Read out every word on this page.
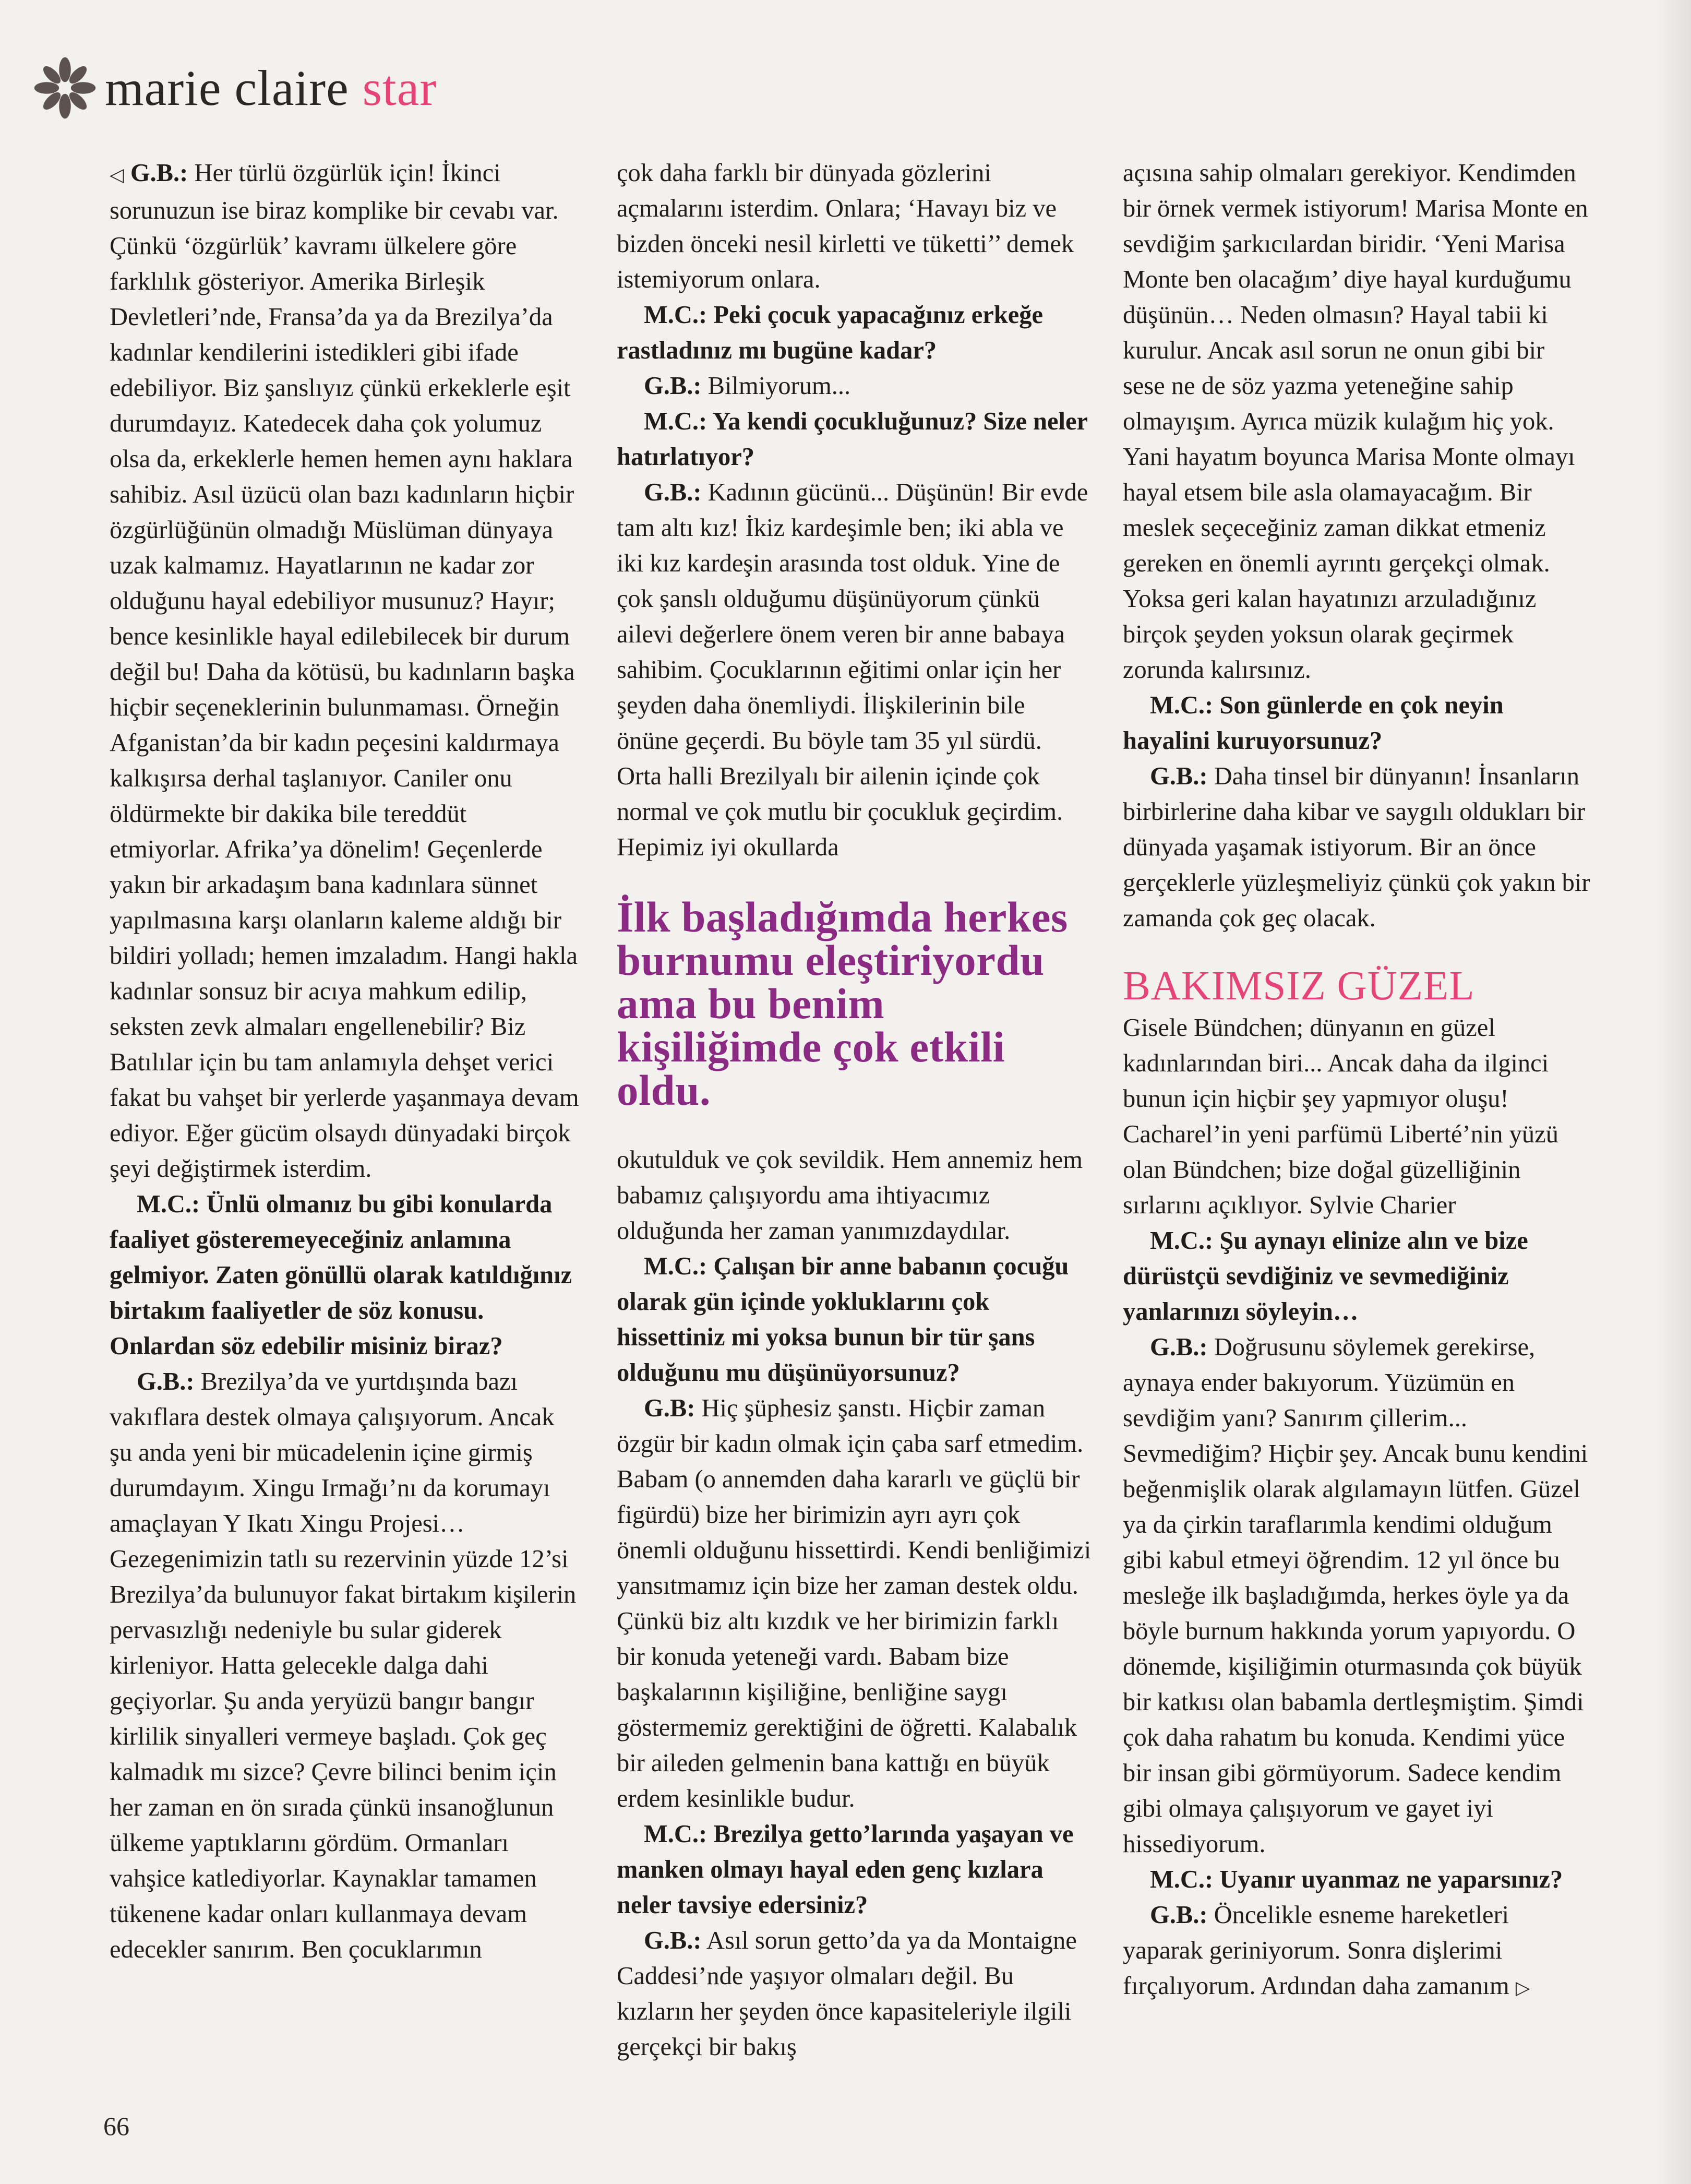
marie claire star

◁ G.B.: Her türlü özgürlük için! İkinci sorunuzun ise biraz komplike bir cevabı var. Çünkü ‘özgürlük’ kavramı ülkelere göre farklılık gösteriyor. Amerika Birleşik Devletleri’nde, Fransa’da ya da Brezilya’da kadınlar kendilerini istedikleri gibi ifade edebiliyor. Biz şanslıyız çünkü erkeklerle eşit durumdayız. Katedecek daha çok yolumuz olsa da, erkeklerle hemen hemen aynı haklara sahibiz. Asıl üzücü olan bazı kadınların hiçbir özgürlüğünün olmadığı Müslüman dünyaya uzak kalmamız. Hayatlarının ne kadar zor olduğunu hayal edebiliyor musunuz? Hayır; bence kesinlikle hayal edilebilecek bir durum değil bu! Daha da kötüsü, bu kadınların başka hiçbir seçeneklerinin bulunmaması. Örneğin Afganistan’da bir kadın peçesini kaldırmaya kalkışırsa derhal taşlanıyor. Caniler onu öldürmekte bir dakika bile tereddüt etmiyorlar. Afrika’ya dönelim! Geçenlerde yakın bir arkadaşım bana kadınlara sünnet yapılmasına karşı olanların kaleme aldığı bir bildiri yolladı; hemen imzaladım. Hangi hakla kadınlar sonsuz bir acıya mahkum edilip, seksten zevk almaları engellenebilir? Biz Batılılar için bu tam anlamıyla dehşet verici fakat bu vahşet bir yerlerde yaşanmaya devam ediyor. Eğer gücüm olsaydı dünyadaki birçok şeyi değiştirmek isterdim.

M.C.: Ünlü olmanız bu gibi konularda faaliyet gösteremeyeceğiniz anlamına gelmiyor. Zaten gönüllü olarak katıldığınız birtakım faaliyetler de söz konusu. Onlardan söz edebilir misiniz biraz?

G.B.: Brezilya’da ve yurtdışında bazı vakıflara destek olmaya çalışıyorum. Ancak şu anda yeni bir mücadelenin içine girmiş durumdayım. Xingu Irmağı’nı da korumayı amaçlayan Y Ikatı Xingu Projesi… Gezegenimizin tatlı su rezervinin yüzde 12’si Brezilya’da bulunuyor fakat birtakım kişilerin pervasızlığı nedeniyle bu sular giderek kirleniyor. Hatta gelecekle dalga dahi geçiyorlar. Şu anda yeryüzü bangır bangır kirlilik sinyalleri vermeye başladı. Çok geç kalmadık mı sizce? Çevre bilinci benim için her zaman en ön sırada çünkü insanoğlunun ülkeme yaptıklarını gördüm. Ormanları vahşice katlediyorlar. Kaynaklar tamamen tükenene kadar onları kullanmaya devam edecekler sanırım. Ben çocuklarımın

çok daha farklı bir dünyada gözlerini açmalarını isterdim. Onlara; ‘Havayı biz ve bizden önceki nesil kirletti ve tüketti’’ demek istemiyorum onlara.

M.C.: Peki çocuk yapacağınız erkeğe rastladınız mı bugüne kadar?

G.B.: Bilmiyorum...

M.C.: Ya kendi çocukluğunuz? Size neler hatırlatıyor?

G.B.: Kadının gücünü... Düşünün! Bir evde tam altı kız! İkiz kardeşimle ben; iki abla ve iki kız kardeşin arasında tost olduk. Yine de çok şanslı olduğumu düşünüyorum çünkü ailevi değerlere önem veren bir anne babaya sahibim. Çocuklarının eğitimi onlar için her şeyden daha önemliydi. İlişkilerinin bile önüne geçerdi. Bu böyle tam 35 yıl sürdü. Orta halli Brezilyalı bir ailenin içinde çok normal ve çok mutlu bir çocukluk geçirdim. Hepimiz iyi okullarda

İlk başladığımda herkes burnumu eleştiriyordu ama bu benim kişiliğimde çok etkili oldu.

okutulduk ve çok sevildik. Hem annemiz hem babamız çalışıyordu ama ihtiyacımız olduğunda her zaman yanımızdaydılar.

M.C.: Çalışan bir anne babanın çocuğu olarak gün içinde yokluklarını çok hissettiniz mi yoksa bunun bir tür şans olduğunu mu düşünüyorsunuz?

G.B: Hiç şüphesiz şanstı. Hiçbir zaman özgür bir kadın olmak için çaba sarf etmedim. Babam (o annemden daha kararlı ve güçlü bir figürdü) bize her birimizin ayrı ayrı çok önemli olduğunu hissettirdi. Kendi benliğimizi yansıtmamız için bize her zaman destek oldu. Çünkü biz altı kızdık ve her birimizin farklı bir konuda yeteneği vardı. Babam bize başkalarının kişiliğine, benliğine saygı göstermemiz gerektiğini de öğretti. Kalabalık bir aileden gelmenin bana kattığı en büyük erdem kesinlikle budur.

M.C.: Brezilya getto’larında yaşayan ve manken olmayı hayal eden genç kızlara neler tavsiye edersiniz?

G.B.: Asıl sorun getto’da ya da Montaigne Caddesi’nde yaşıyor olmaları değil. Bu kızların her şeyden önce kapasiteleriyle ilgili gerçekçi bir bakış

açısına sahip olmaları gerekiyor. Kendimden bir örnek vermek istiyorum! Marisa Monte en sevdiğim şarkıcılardan biridir. ‘Yeni Marisa Monte ben olacağım’ diye hayal kurduğumu düşünün… Neden olmasın? Hayal tabii ki kurulur. Ancak asıl sorun ne onun gibi bir sese ne de söz yazma yeteneğine sahip olmayışım. Ayrıca müzik kulağım hiç yok. Yani hayatım boyunca Marisa Monte olmayı hayal etsem bile asla olamayacağım. Bir meslek seçeceğiniz zaman dikkat etmeniz gereken en önemli ayrıntı gerçekçi olmak. Yoksa geri kalan hayatınızı arzuladığınız birçok şeyden yoksun olarak geçirmek zorunda kalırsınız.

M.C.: Son günlerde en çok neyin hayalini kuruyorsunuz?

G.B.: Daha tinsel bir dünyanın! İnsanların birbirlerine daha kibar ve saygılı oldukları bir dünyada yaşamak istiyorum. Bir an önce gerçeklerle yüzleşmeliyiz çünkü çok yakın bir zamanda çok geç olacak.

BAKIMSIZ GÜZEL

Gisele Bündchen; dünyanın en güzel kadınlarından biri... Ancak daha da ilginci bunun için hiçbir şey yapmıyor oluşu! Cacharel’in yeni parfümü Liberté’nin yüzü olan Bündchen; bize doğal güzelliğinin sırlarını açıklıyor. Sylvie Charier

M.C.: Şu aynayı elinize alın ve bize dürüstçü sevdiğiniz ve sevmediğiniz yanlarınızı söyleyin…

G.B.: Doğrusunu söylemek gerekirse, aynaya ender bakıyorum. Yüzümün en sevdiğim yanı? Sanırım çillerim... Sevmediğim? Hiçbir şey. Ancak bunu kendini beğenmişlik olarak algılamayın lütfen. Güzel ya da çirkin taraflarımla kendimi olduğum gibi kabul etmeyi öğrendim. 12 yıl önce bu mesleğe ilk başladığımda, herkes öyle ya da böyle burnum hakkında yorum yapıyordu. O dönemde, kişiliğimin oturmasında çok büyük bir katkısı olan babamla dertleşmiştim. Şimdi çok daha rahatım bu konuda. Kendimi yüce bir insan gibi görmüyorum. Sadece kendim gibi olmaya çalışıyorum ve gayet iyi hissediyorum.

M.C.: Uyanır uyanmaz ne yaparsınız?

G.B.: Öncelikle esneme hareketleri yaparak geriniyorum. Sonra dişlerimi fırçalıyorum. Ardından daha zamanım ▷

66
